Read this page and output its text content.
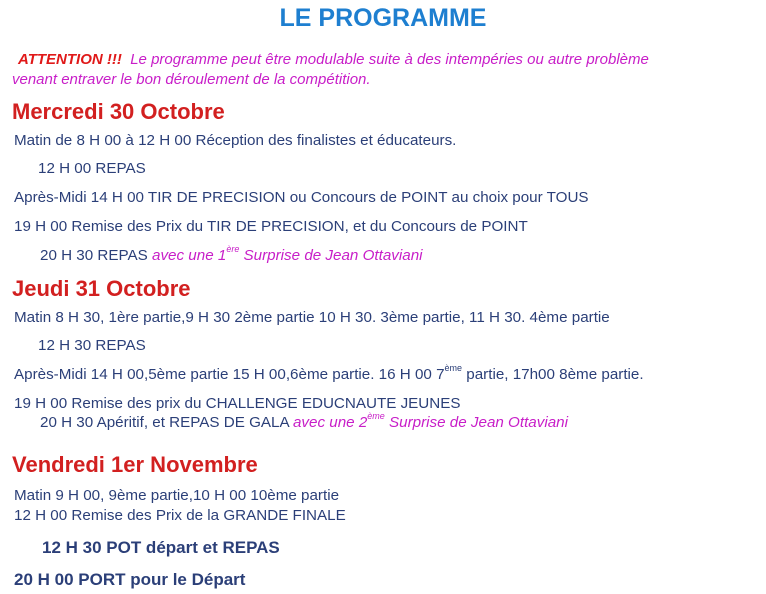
LE PROGRAMME
ATTENTION !!! Le programme peut être modulable suite à des intempéries ou autre problème
venant entraver le bon déroulement de la compétition.
Mercredi 30 Octobre
Matin de 8 H 00 à 12 H 00 Réception des finalistes et éducateurs.
12 H 00 REPAS
Après-Midi 14 H 00 TIR DE PRECISION ou Concours de POINT au choix pour TOUS
19 H 00 Remise des Prix du TIR DE PRECISION, et du Concours de POINT
20 H 30 REPAS avec une 1ère Surprise de Jean Ottaviani
Jeudi 31 Octobre
Matin 8 H 30, 1ère partie,9 H 30 2ème partie 10 H 30. 3ème partie, 11 H 30. 4ème partie
12 H 30 REPAS
Après-Midi 14 H 00,5ème partie 15 H 00,6ème partie. 16 H 00 7ème partie, 17h00 8ème partie.
19 H 00 Remise des prix du CHALLENGE EDUCNAUTE JEUNES
20 H 30 Apéritif, et REPAS DE GALA avec une 2ème Surprise de Jean Ottaviani
Vendredi 1er Novembre
Matin 9 H 00, 9ème partie,10 H 00 10ème partie
12 H 00 Remise des Prix de la GRANDE FINALE
12 H 30 POT départ et REPAS
20 H 00 PORT pour le Départ
